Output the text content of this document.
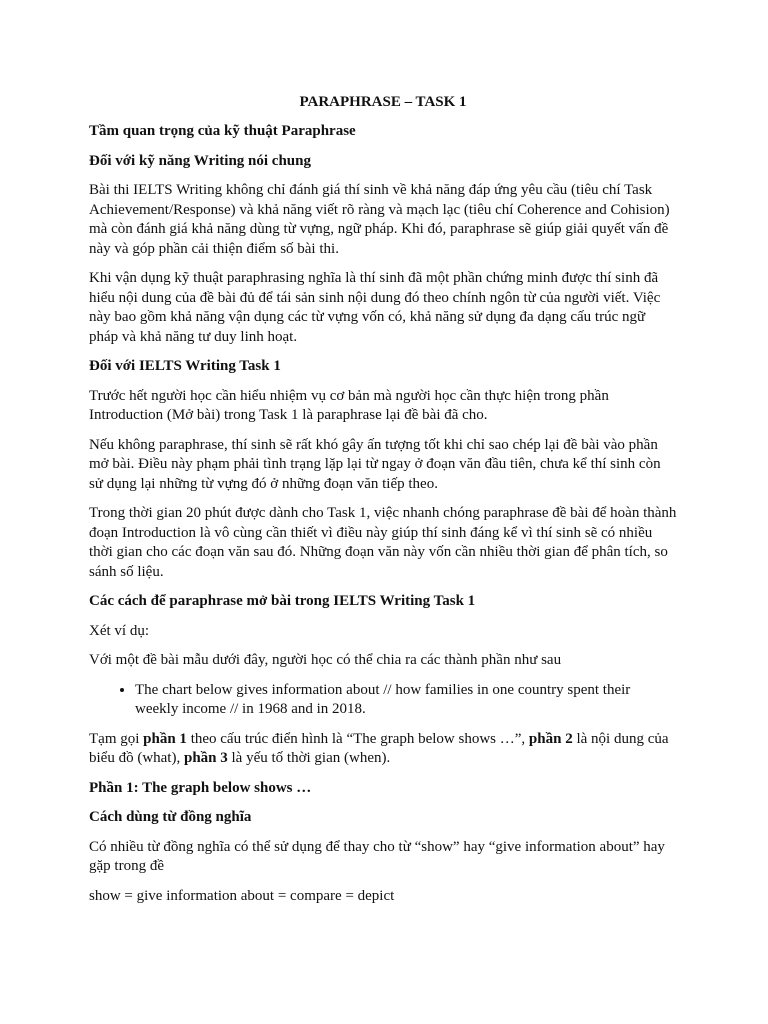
PARAPHRASE – TASK 1

Tầm quan trọng của kỹ thuật Paraphrase

Đối với kỹ năng Writing nói chung

Bài thi IELTS Writing không chỉ đánh giá thí sinh về khả năng đáp ứng yêu cầu (tiêu chí Task Achievement/Response) và khả năng viết rõ ràng và mạch lạc (tiêu chí Coherence and Cohision) mà còn đánh giá khả năng dùng từ vựng, ngữ pháp. Khi đó, paraphrase sẽ giúp giải quyết vấn đề này và góp phần cải thiện điểm số bài thi.

Khi vận dụng kỹ thuật paraphrasing nghĩa là thí sinh đã một phần chứng minh được thí sinh đã hiểu nội dung của đề bài đủ để tái sản sinh nội dung đó theo chính ngôn từ của người viết. Việc này bao gồm khả năng vận dụng các từ vựng vốn có, khả năng sử dụng đa dạng cấu trúc ngữ pháp và khả năng tư duy linh hoạt.

Đối với IELTS Writing Task 1

Trước hết người học cần hiểu nhiệm vụ cơ bản mà người học cần thực hiện trong phần Introduction (Mở bài) trong Task 1 là paraphrase lại đề bài đã cho.

Nếu không paraphrase, thí sinh sẽ rất khó gây ấn tượng tốt khi chỉ sao chép lại đề bài vào phần mở bài. Điều này phạm phải tình trạng lặp lại từ ngay ở đoạn văn đầu tiên, chưa kể thí sinh còn sử dụng lại những từ vựng đó ở những đoạn văn tiếp theo.

Trong thời gian 20 phút được dành cho Task 1, việc nhanh chóng paraphrase đề bài để hoàn thành đoạn Introduction là vô cùng cần thiết vì điều này giúp thí sinh đáng kể vì thí sinh sẽ có nhiều thời gian cho các đoạn văn sau đó. Những đoạn văn này vốn cần nhiều thời gian để phân tích, so sánh số liệu.

Các cách để paraphrase mở bài trong IELTS Writing Task 1

Xét ví dụ:

Với một đề bài mẫu dưới đây, người học có thể chia ra các thành phần như sau

• The chart below gives information about // how families in one country spent their weekly income // in 1968 and in 2018.

Tạm gọi phần 1 theo cấu trúc điển hình là “The graph below shows …”, phần 2 là nội dung của biểu đồ (what), phần 3 là yếu tố thời gian (when).

Phần 1: The graph below shows …

Cách dùng từ đồng nghĩa

Có nhiều từ đồng nghĩa có thể sử dụng để thay cho từ “show” hay “give information about” hay gặp trong đề

show = give information about = compare = depict
